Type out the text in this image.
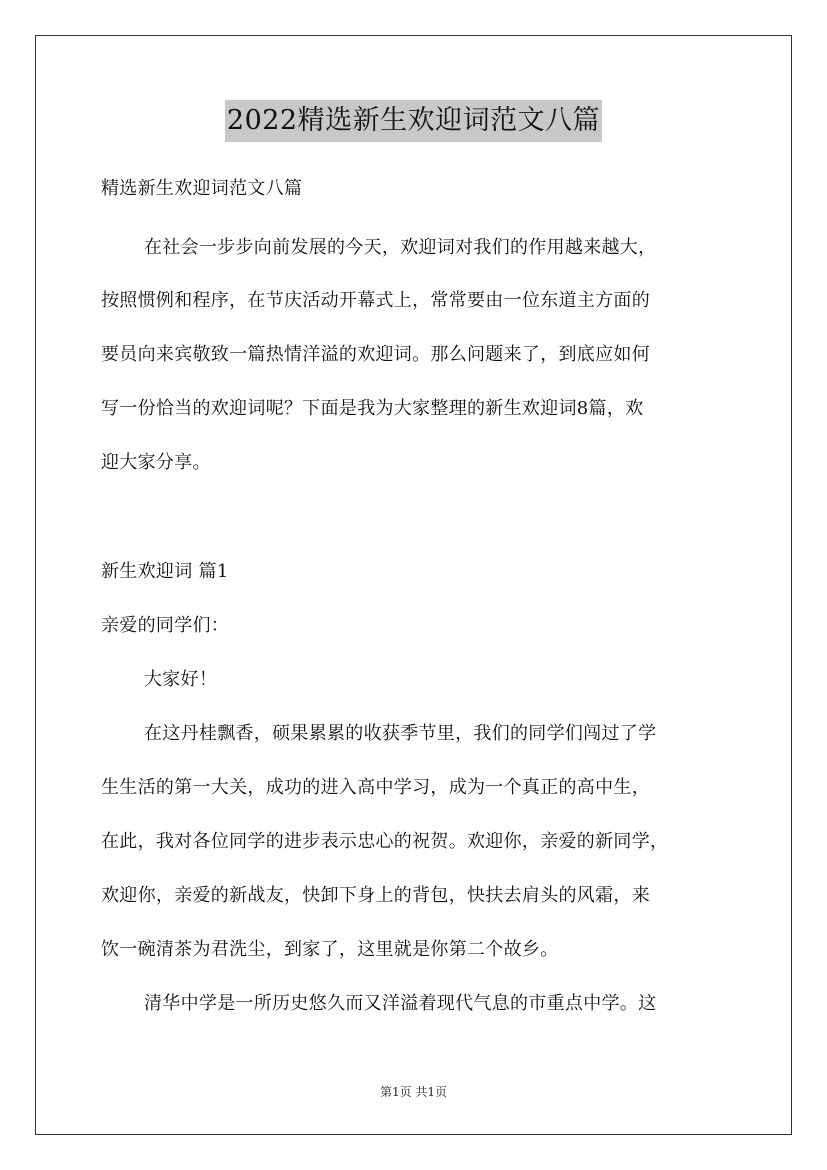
2022精选新生欢迎词范文八篇
精选新生欢迎词范文八篇
在社会一步步向前发展的今天，欢迎词对我们的作用越来越大，
按照惯例和程序，在节庆活动开幕式上，常常要由一位东道主方面的
要员向来宾敬致一篇热情洋溢的欢迎词。那么问题来了，到底应如何
写一份恰当的欢迎词呢？下面是我为大家整理的新生欢迎词8篇，欢
迎大家分享。
新生欢迎词 篇1
亲爱的同学们：
大家好！
在这丹桂飘香，硕果累累的收获季节里，我们的同学们闯过了学
生生活的第一大关，成功的进入高中学习，成为一个真正的高中生，
在此，我对各位同学的进步表示忠心的祝贺。欢迎你，亲爱的新同学，
欢迎你，亲爱的新战友，快卸下身上的背包，快扶去肩头的风霜，来
饮一碗清茶为君洗尘，到家了，这里就是你第二个故乡。
清华中学是一所历史悠久而又洋溢着现代气息的市重点中学。这
第1页 共1页
